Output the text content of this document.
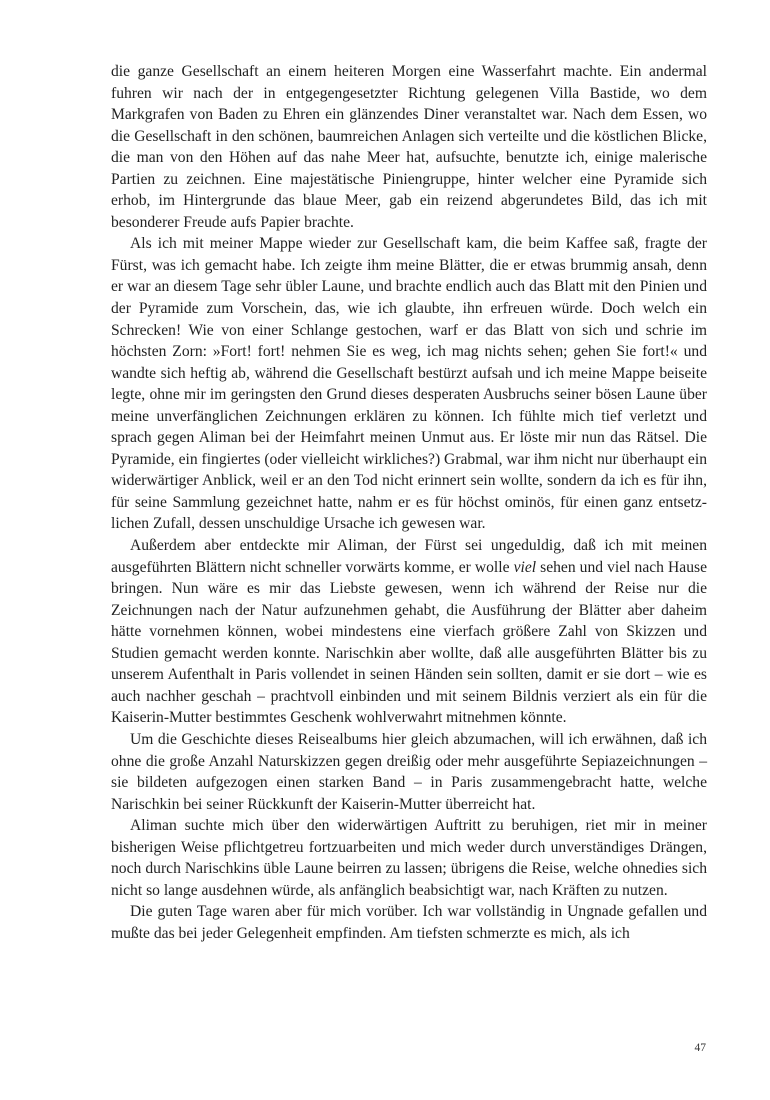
die ganze Gesellschaft an einem heiteren Morgen eine Wasserfahrt machte. Ein andermal fuhren wir nach der in entgegengesetzter Richtung gelegenen Villa Bastide, wo dem Markgrafen von Baden zu Ehren ein glänzendes Diner veranstaltet war. Nach dem Essen, wo die Gesellschaft in den schönen, baumreichen Anlagen sich verteilte und die köstlichen Blicke, die man von den Höhen auf das nahe Meer hat, aufsuchte, benutzte ich, einige malerische Partien zu zeichnen. Eine majestätische Piniengruppe, hinter welcher eine Pyramide sich erhob, im Hintergrunde das blaue Meer, gab ein reizend abgerundetes Bild, das ich mit besonderer Freude aufs Papier brachte.

Als ich mit meiner Mappe wieder zur Gesellschaft kam, die beim Kaffee saß, fragte der Fürst, was ich gemacht habe. Ich zeigte ihm meine Blätter, die er etwas brummig ansah, denn er war an diesem Tage sehr übler Laune, und brachte endlich auch das Blatt mit den Pinien und der Pyramide zum Vorschein, das, wie ich glaubte, ihn erfreuen würde. Doch welch ein Schrecken! Wie von einer Schlange gestochen, warf er das Blatt von sich und schrie im höchsten Zorn: »Fort! fort! nehmen Sie es weg, ich mag nichts sehen; gehen Sie fort!« und wandte sich heftig ab, während die Gesellschaft bestürzt aufsah und ich meine Mappe beiseite legte, ohne mir im geringsten den Grund dieses desperaten Ausbruchs seiner bösen Laune über meine unverfänglichen Zeichnungen erklären zu können. Ich fühlte mich tief verletzt und sprach gegen Aliman bei der Heimfahrt meinen Unmut aus. Er löste mir nun das Rätsel. Die Pyramide, ein fingiertes (oder vielleicht wirkliches?) Grabmal, war ihm nicht nur überhaupt ein widerwärtiger Anblick, weil er an den Tod nicht erinnert sein wollte, sondern da ich es für ihn, für seine Sammlung gezeichnet hatte, nahm er es für höchst ominös, für einen ganz entsetzlichen Zufall, dessen unschuldige Ursache ich gewesen war.

Außerdem aber entdeckte mir Aliman, der Fürst sei ungeduldig, daß ich mit meinen ausgeführten Blättern nicht schneller vorwärts komme, er wolle viel sehen und viel nach Hause bringen. Nun wäre es mir das Liebste gewesen, wenn ich während der Reise nur die Zeichnungen nach der Natur aufzunehmen gehabt, die Ausführung der Blätter aber daheim hätte vornehmen können, wobei mindestens eine vierfach größere Zahl von Skizzen und Studien gemacht werden konnte. Narischkin aber wollte, daß alle ausgeführten Blätter bis zu unserem Aufenthalt in Paris vollendet in seinen Händen sein sollten, damit er sie dort – wie es auch nachher geschah – prachtvoll einbinden und mit seinem Bildnis verziert als ein für die Kaiserin-Mutter bestimmtes Geschenk wohlverwahrt mitnehmen könnte.

Um die Geschichte dieses Reisealbums hier gleich abzumachen, will ich erwähnen, daß ich ohne die große Anzahl Naturskizzen gegen dreißig oder mehr ausgeführte Sepiazeichnungen – sie bildeten aufgezogen einen starken Band – in Paris zusammengebracht hatte, welche Narischkin bei seiner Rückkunft der Kaiserin-Mutter überreicht hat.

Aliman suchte mich über den widerwärtigen Auftritt zu beruhigen, riet mir in meiner bisherigen Weise pflichtgetreu fortzuarbeiten und mich weder durch unverständiges Drängen, noch durch Narischkins üble Laune beirren zu lassen; übrigens die Reise, welche ohnedies sich nicht so lange ausdehnen würde, als anfänglich beabsichtigt war, nach Kräften zu nutzen.

Die guten Tage waren aber für mich vorüber. Ich war vollständig in Ungnade gefallen und mußte das bei jeder Gelegenheit empfinden. Am tiefsten schmerzte es mich, als ich

47
